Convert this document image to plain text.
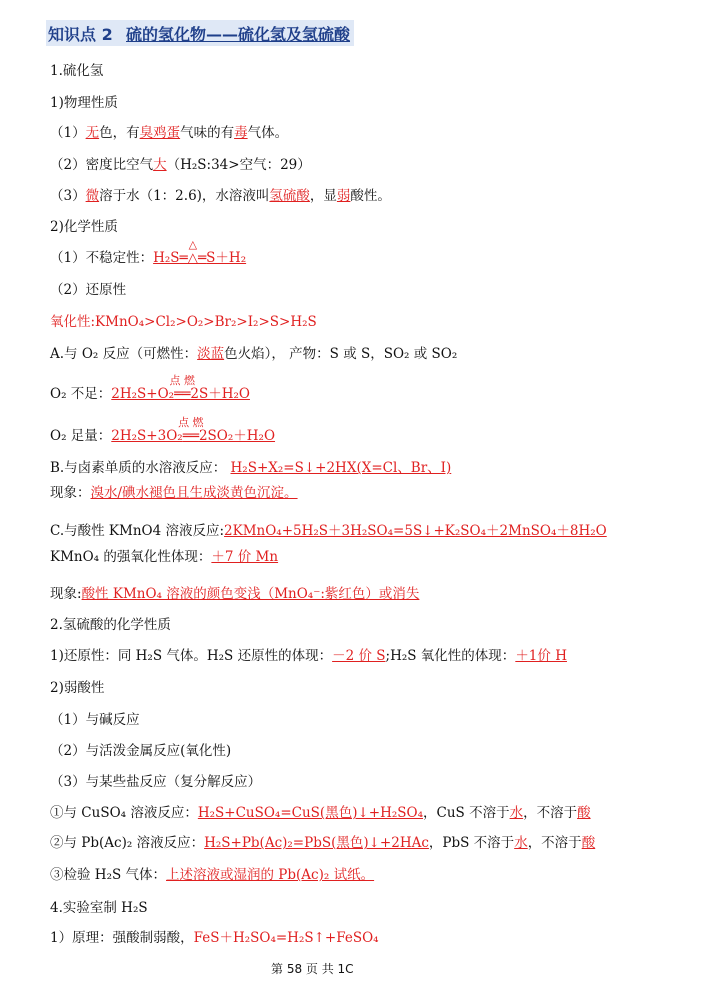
知识点 2 硫的氢化物——硫化氢及氢硫酸
1.硫化氢
1)物理性质
（1）无色，有臭鸡蛋气味的有毒气体。
（2）密度比空气大（H₂S:34>空气：29）
（3）微溶于水（1：2.6)，水溶液叫氢硫酸，显弱酸性。
2)化学性质
（1）不稳定性：H₂S
△
═△═S＋H₂
（2）还原性
氧化性:KMnO₄>Cl₂>O₂>Br₂>I₂>S>H₂S
A.与 O₂ 反应（可燃性：淡蓝色火焰）， 产物：S 或 S，SO₂ 或 SO₂
O₂ 不足：2H₂S+O₂
点 燃
══2S＋H₂O
O₂ 足量：2H₂S+3O₂
点 燃
══2SO₂＋H₂O
B.与卤素单质的水溶液反应： H₂S+X₂=S↓+2HX(X=Cl、Br、I)
现象：溴水/碘水褪色且生成淡黄色沉淀。
C.与酸性 KMnO4 溶液反应:2KMnO₄+5H₂S＋3H₂SO₄=5S↓+K₂SO₄＋2MnSO₄＋8H₂O
KMnO₄ 的强氧化性体现：＋7 价 Mn
现象:酸性 KMnO₄ 溶液的颜色变浅（MnO₄⁻:紫红色）或消失
2.氢硫酸的化学性质
1)还原性：同 H₂S 气体。H₂S 还原性的体现：－2 价 S;H₂S 氧化性的体现：＋1价 H
2)弱酸性
（1）与碱反应
（2）与活泼金属反应(氧化性)
（3）与某些盐反应（复分解反应）
①与 CuSO₄ 溶液反应：H₂S+CuSO₄=CuS(黑色)↓+H₂SO₄，CuS 不溶于水，不溶于酸
②与 Pb(Ac)₂ 溶液反应：H₂S+Pb(Ac)₂=PbS(黑色)↓+2HAc，PbS 不溶于水，不溶于酸
③检验 H₂S 气体：上述溶液或湿润的 Pb(Ac)₂ 试纸。
4.实验室制 H₂S
1）原理：强酸制弱酸，FeS＋H₂SO₄=H₂S↑+FeSO₄
第 58 页 共 1C
